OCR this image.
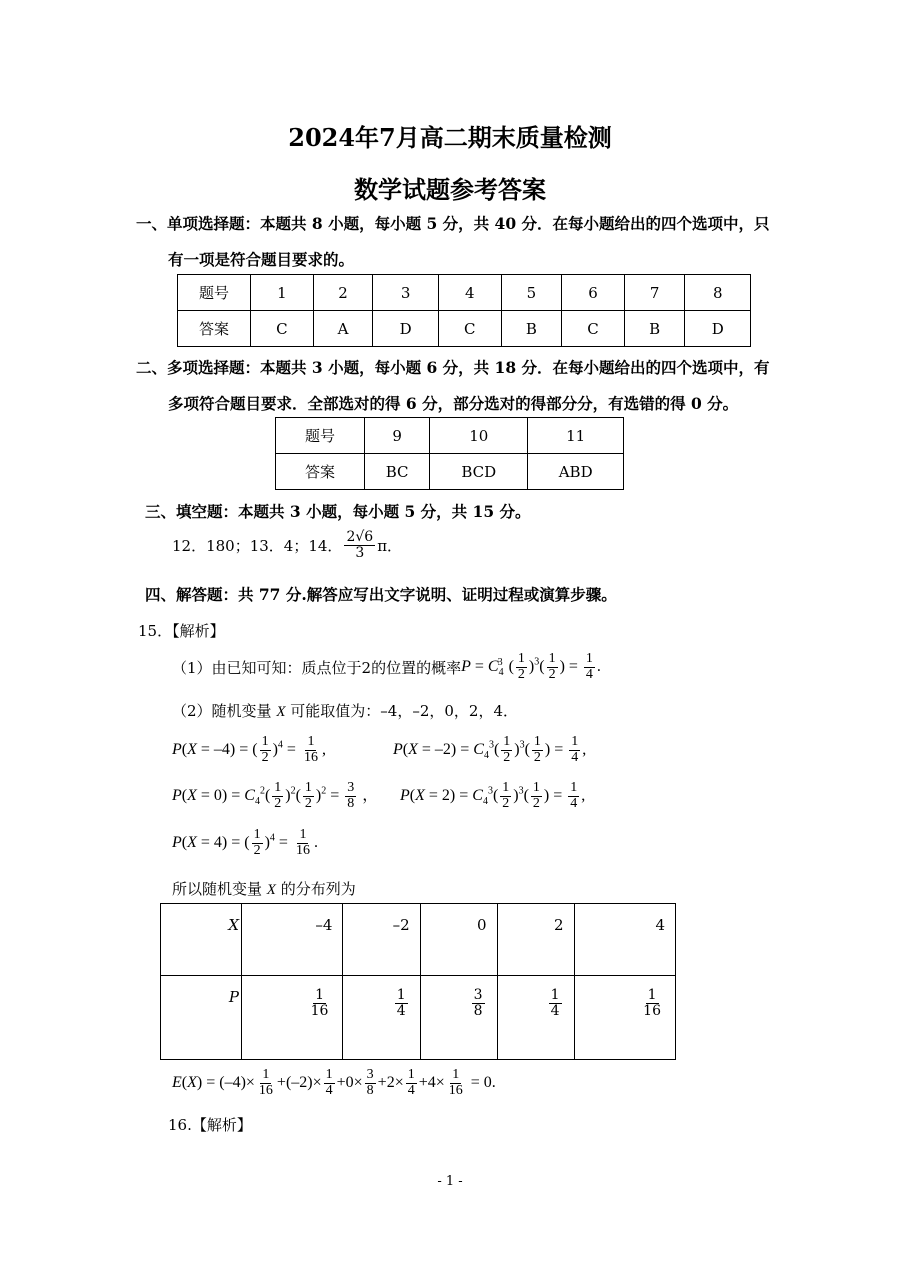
2024年7月高二期末质量检测
数学试题参考答案
一、单项选择题：本题共 8 小题，每小题 5 分，共 40 分．在每小题给出的四个选项中，只
有一项是符合题目要求的。
题号	1	2	3	4	5	6	7	8
答案	C	A	D	C	B	C	B	D
二、多项选择题：本题共 3 小题，每小题 6 分，共 18 分．在每小题给出的四个选项中，有
多项符合题目要求．全部选对的得 6 分，部分选对的得部分分，有选错的得 0 分。
题号	9	10	11
答案	BC	BCD	ABD
三、填空题：本题共 3 小题，每小题 5 分，共 15 分。
12．180；13．4；14． $\frac{2√6}{3}$ π．
四、解答题：共 77 分.解答应写出文字说明、证明过程或演算步骤。
15．【解析】
（1）由已知可知：质点位于2的位置的概率 $P = C_4^3$ ( $\frac{1}{2} )^3( \frac{1}{2}$ ) = $\frac{1}{4}$ .
（2）随机变量 X 可能取值为：–4，–2，0，2，4．
P(X = –4) = ( $\frac{1}{2} )^4 = \frac{1}{16}$ ,	$P(X = -2) = C_4^3( \frac{1}{2} )^3( \frac{1}{2}$ ) = $\frac{1}{4}$ ,
$P(X = 0) = C_4^2( \frac{1}{2} )^2( \frac{1}{2} )^2 = \frac{3}{8}$ ， $P(X = 2) = C_4^3( \frac{1}{2} )^3( \frac{1}{2}$ ) = $\frac{1}{4}$ ,
P(X = 4) = ( $\frac{1}{2} )^4 = \frac{1}{16}$ .
所以随机变量 X 的分布列为
X	–4	–2	0	2	4
P	$\frac{1}{16}$	$\frac{1}{4}$	$\frac{3}{8}$	$\frac{1}{4}$	$\frac{1}{16}$
$E(X) = (-4)\times \frac{1}{16} +(-2)\times \frac{1}{4} +0\times \frac{3}{8} +2\times \frac{1}{4} +4\times \frac{1}{16} = 0$.
16.【解析】
- 1 -
